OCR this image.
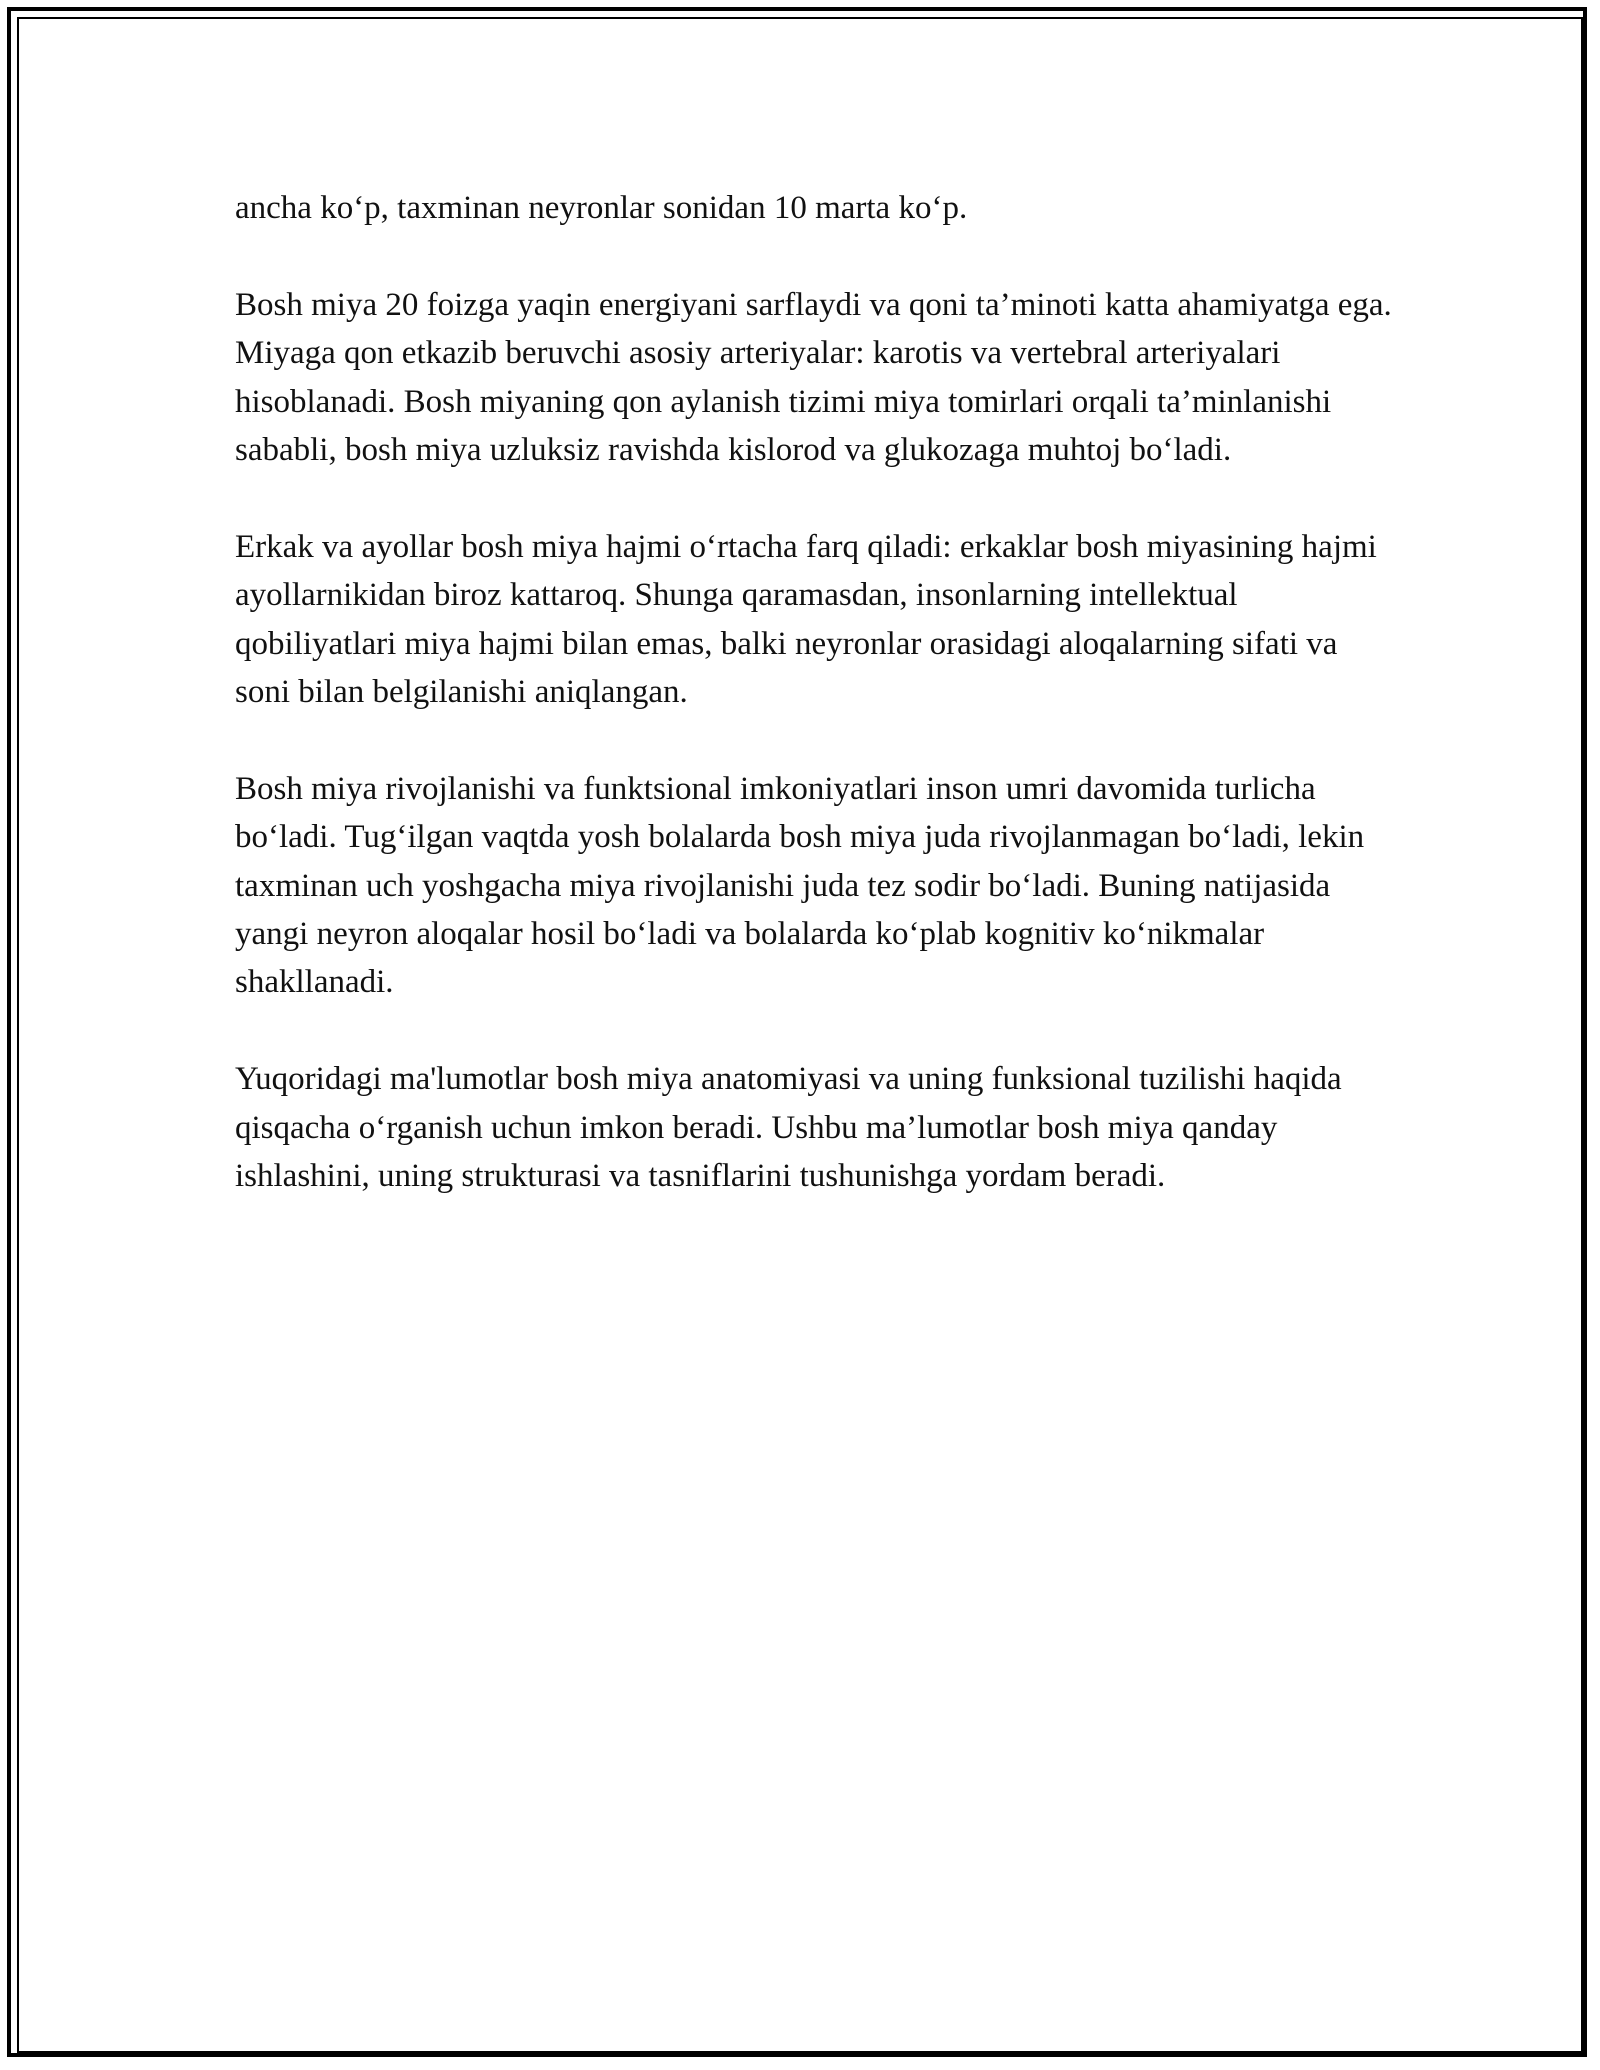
ancha ko‘p, taxminan neyronlar sonidan 10 marta ko‘p.

Bosh miya 20 foizga yaqin energiyani sarflaydi va qoni ta’minoti katta ahamiyatga ega. Miyaga qon etkazib beruvchi asosiy arteriyalar: karotis va vertebral arteriyalari hisoblanadi. Bosh miyaning qon aylanish tizimi miya tomirlari orqali ta’minlanishi sababli, bosh miya uzluksiz ravishda kislorod va glukozaga muhtoj bo‘ladi.

Erkak va ayollar bosh miya hajmi o‘rtacha farq qiladi: erkaklar bosh miyasining hajmi ayollarnikidan biroz kattaroq. Shunga qaramasdan, insonlarning intellektual qobiliyatlari miya hajmi bilan emas, balki neyronlar orasidagi aloqalarning sifati va soni bilan belgilanishi aniqlangan.

Bosh miya rivojlanishi va funktsional imkoniyatlari inson umri davomida turlicha bo‘ladi. Tug‘ilgan vaqtda yosh bolalarda bosh miya juda rivojlanmagan bo‘ladi, lekin taxminan uch yoshgacha miya rivojlanishi juda tez sodir bo‘ladi. Buning natijasida yangi neyron aloqalar hosil bo‘ladi va bolalarda ko‘plab kognitiv ko‘nikmalar shakllanadi.

Yuqoridagi ma'lumotlar bosh miya anatomiyasi va uning funksional tuzilishi haqida qisqacha o‘rganish uchun imkon beradi. Ushbu ma’lumotlar bosh miya qanday ishlashini, uning strukturasi va tasniflarini tushunishga yordam beradi.
